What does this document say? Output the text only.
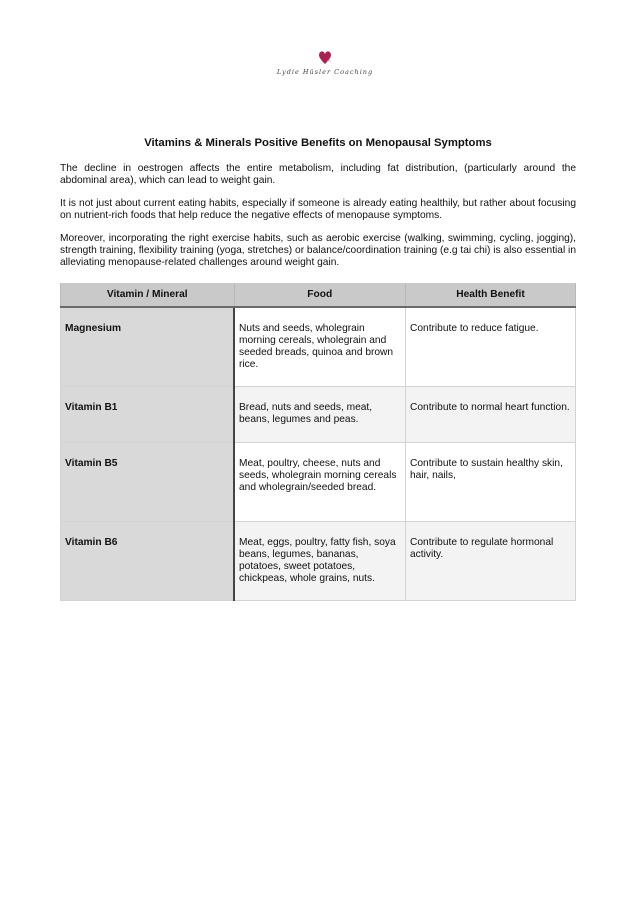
Lydie Hüsler Coaching
Vitamins & Minerals Positive Benefits on Menopausal Symptoms

The decline in oestrogen affects the entire metabolism, including fat distribution, (particularly around the abdominal area), which can lead to weight gain.

It is not just about current eating habits, especially if someone is already eating healthily, but rather about focusing on nutrient-rich foods that help reduce the negative effects of menopause symptoms.

Moreover, incorporating the right exercise habits, such as aerobic exercise (walking, swimming, cycling, jogging), strength training, flexibility training (yoga, stretches) or balance/coordination training (e.g tai chi) is also essential in alleviating menopause-related challenges around weight gain.

Vitamin / Mineral	Food	Health Benefit
Magnesium	Nuts and seeds, wholegrain morning cereals, wholegrain and seeded breads, quinoa and brown rice.	Contribute to reduce fatigue.
Vitamin B1	Bread, nuts and seeds, meat, beans, legumes and peas.	Contribute to normal heart function.
Vitamin B5	Meat, poultry, cheese, nuts and seeds, wholegrain morning cereals and wholegrain/seeded bread.	Contribute to sustain healthy skin, hair, nails,
Vitamin B6	Meat, eggs, poultry, fatty fish, soya beans, legumes, bananas, potatoes, sweet potatoes, chickpeas, whole grains, nuts.	Contribute to regulate hormonal activity.
